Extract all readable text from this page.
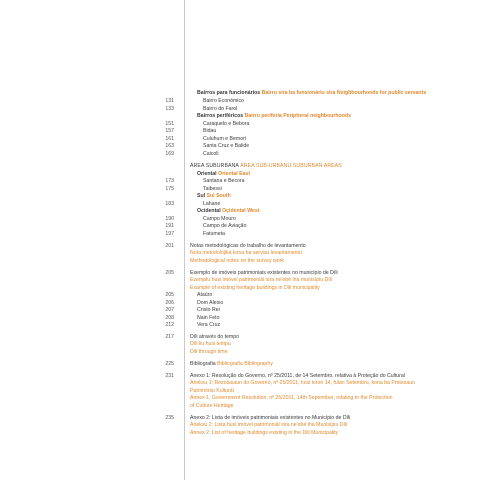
Bairros para funcionários Bairru sira ba funsionáriu sira Neighbourhoods for public servants
131	Bairro Económico
133	Bairro do Farol
Bairros periféricos Bairru periferia Peripheral neighbourhoods
151	Caraquelo e Bebora
157	Bidau
161	Culuhum e Bemori
163	Santa Cruz e Balide
169	Caicoli
ÁREA SUBURBANA ÁREA SUB-URBANU SUBURBAN AREAS
Oriental Oriental East
173	Santana e Becora
175	Taibessi
Sul Sul South
183	Lahane
Ocidental Oçidental West
190	Campo Mouro
191	Campo de Aviação
197	Fatumeta
201	Notas metodológicas do trabalho de levantamento
Nota metodolójika kona ba servisu levantamentu
Methodological notes on the survey work
205	Exemplo de imóveis patrimoniais existentes no município de Díli
Ezemplu husi imóvel patrimoniál sira ne'ebé iha munisípiu Díli
Example of existing heritage buildings in Dili municipality
205	Ataúro
206	Dom Aleixo
207	Cristo Rei
208	Nain Feto
212	Vera Cruz
217	Díli através do tempo
Díli liu husi tempu
Dili through time
225	Bibliografia Bibliografia Bibliography
231	Anexo 1: Resolução do Governo, nº 25/2011, de 14 Setembro, relativa à Proteção do Cultural
Anekxu 1: Rezolusaun do Governo, nº 25/2011, hosi loron 14, fulan Setembru, kona ba Protesaun
Patrimóniu Kulturál
Annex 1: Government Resolution, nº 25/2011, 14th September, relating to the Protection
of Culture Heritage
235	Anexo 2: Lista de imóveis patrimoniais existentes no Município de Díli
Anekxu 2: Lista husi imóvel patrimoniál sira ne'ebé iha Munisípiu Díli
Annex 2: List of heritage buildings existing in the Dili Municipality
